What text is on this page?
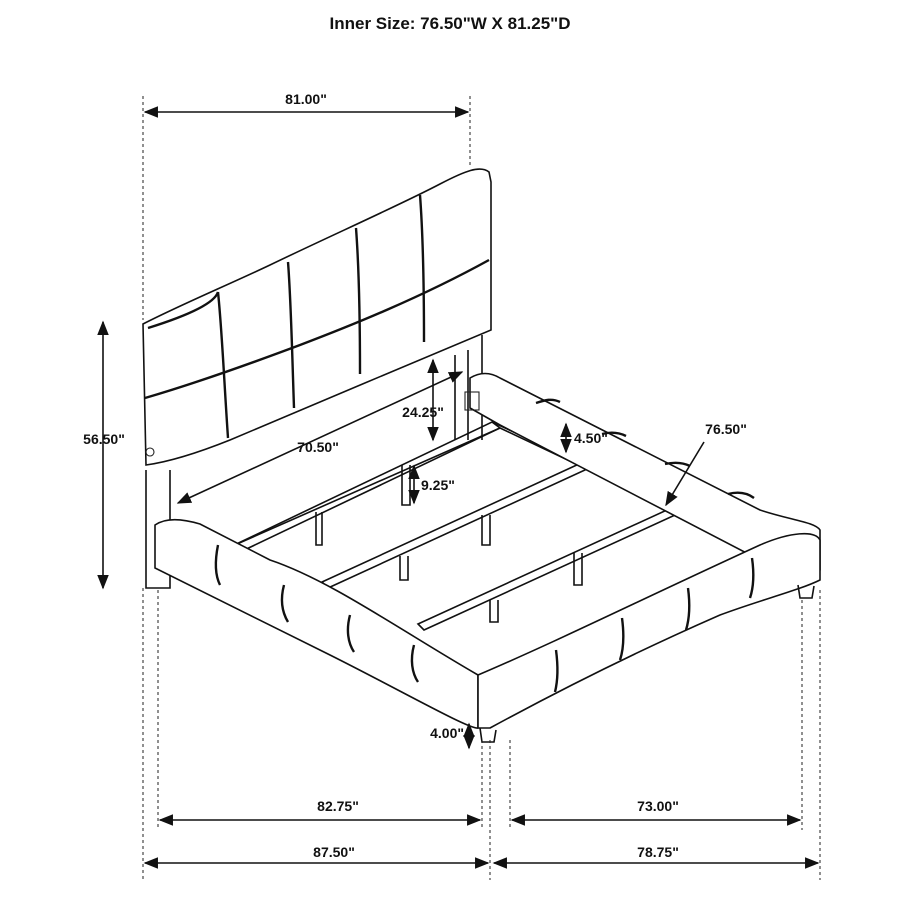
Inner Size: 76.50"W X 81.25"D
81.00"
56.50"
24.25"
70.50"
9.25"
4.50"
76.50"
4.00"
82.75"	73.00"
87.50"	78.75"
